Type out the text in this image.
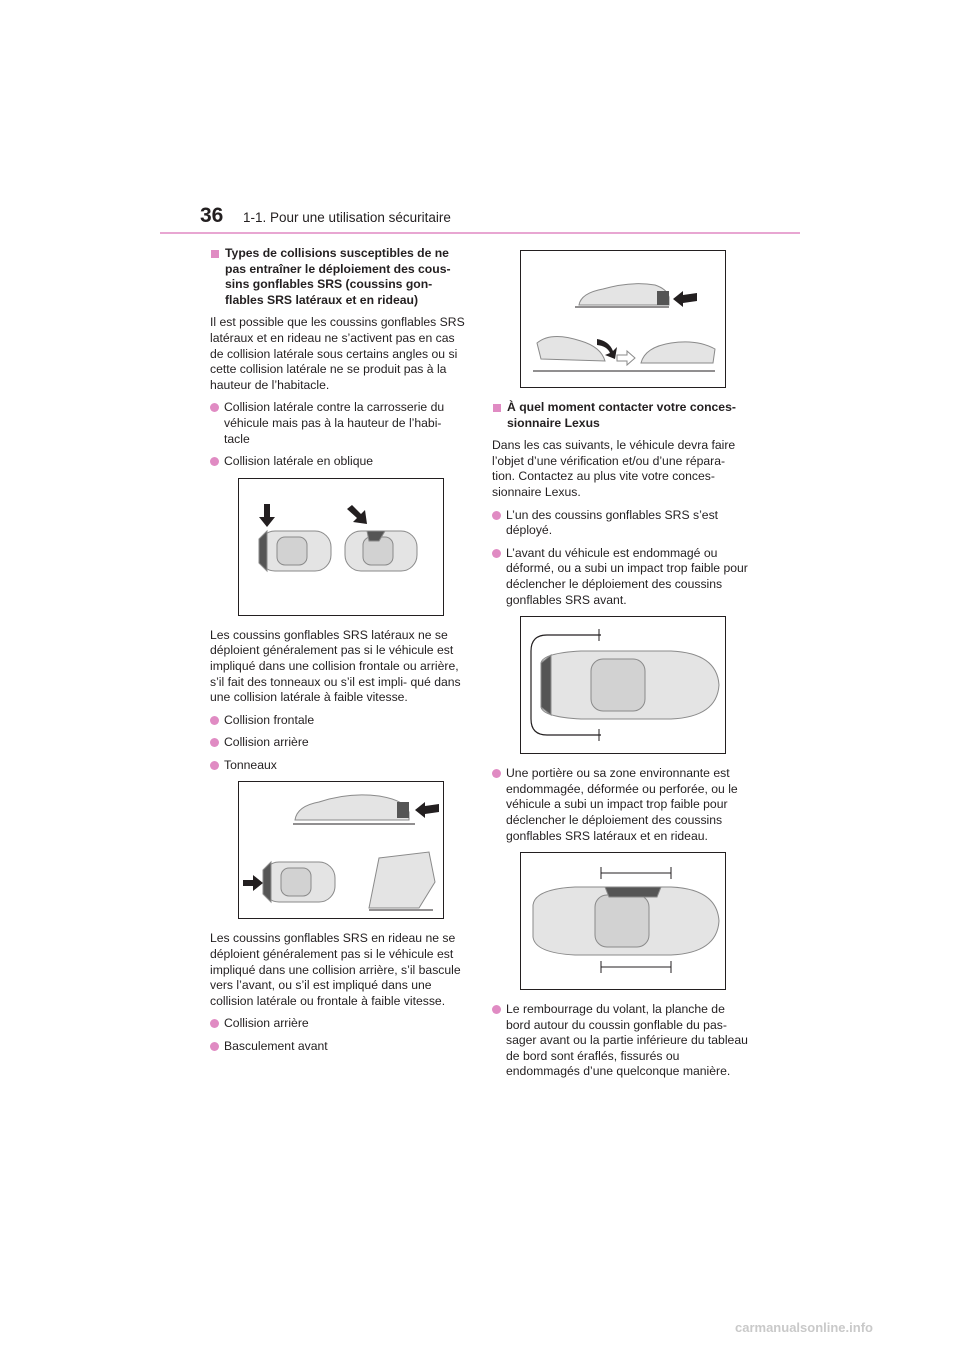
36 1-1. Pour une utilisation sécuritaire
Types de collisions susceptibles de ne pas entraîner le déploiement des cous- sins gonflables SRS (coussins gon- flables SRS latéraux et en rideau)

Il est possible que les coussins gonflables SRS latéraux et en rideau ne s’activent pas en cas de collision latérale sous certains angles ou si cette collision latérale ne se produit pas à la hauteur de l’habitacle.

Collision latérale contre la carrosserie du véhicule mais pas à la hauteur de l’habi- tacle
Collision latérale en oblique

Les coussins gonflables SRS latéraux ne se déploient généralement pas si le véhicule est impliqué dans une collision frontale ou arrière, s’il fait des tonneaux ou s’il est impli- qué dans une collision latérale à faible vitesse.

Collision frontale
Collision arrière
Tonneaux

Les coussins gonflables SRS en rideau ne se déploient généralement pas si le véhicule est impliqué dans une collision arrière, s’il bascule vers l’avant, ou s’il est impliqué dans une collision latérale ou frontale à faible vitesse.

Collision arrière
Basculement avant
À quel moment contacter votre conces- sionnaire Lexus

Dans les cas suivants, le véhicule devra faire l’objet d’une vérification et/ou d’une répara- tion. Contactez au plus vite votre conces- sionnaire Lexus.

L’un des coussins gonflables SRS s’est déployé.
L’avant du véhicule est endommagé ou déformé, ou a subi un impact trop faible pour déclencher le déploiement des coussins gonflables SRS avant.
Une portière ou sa zone environnante est endommagée, déformée ou perforée, ou le véhicule a subi un impact trop faible pour déclencher le déploiement des coussins gonflables SRS latéraux et en rideau.
Le rembourrage du volant, la planche de bord autour du coussin gonflable du pas- sager avant ou la partie inférieure du tableau de bord sont éraflés, fissurés ou endommagés d’une quelconque manière.
carmanualsonline.info
